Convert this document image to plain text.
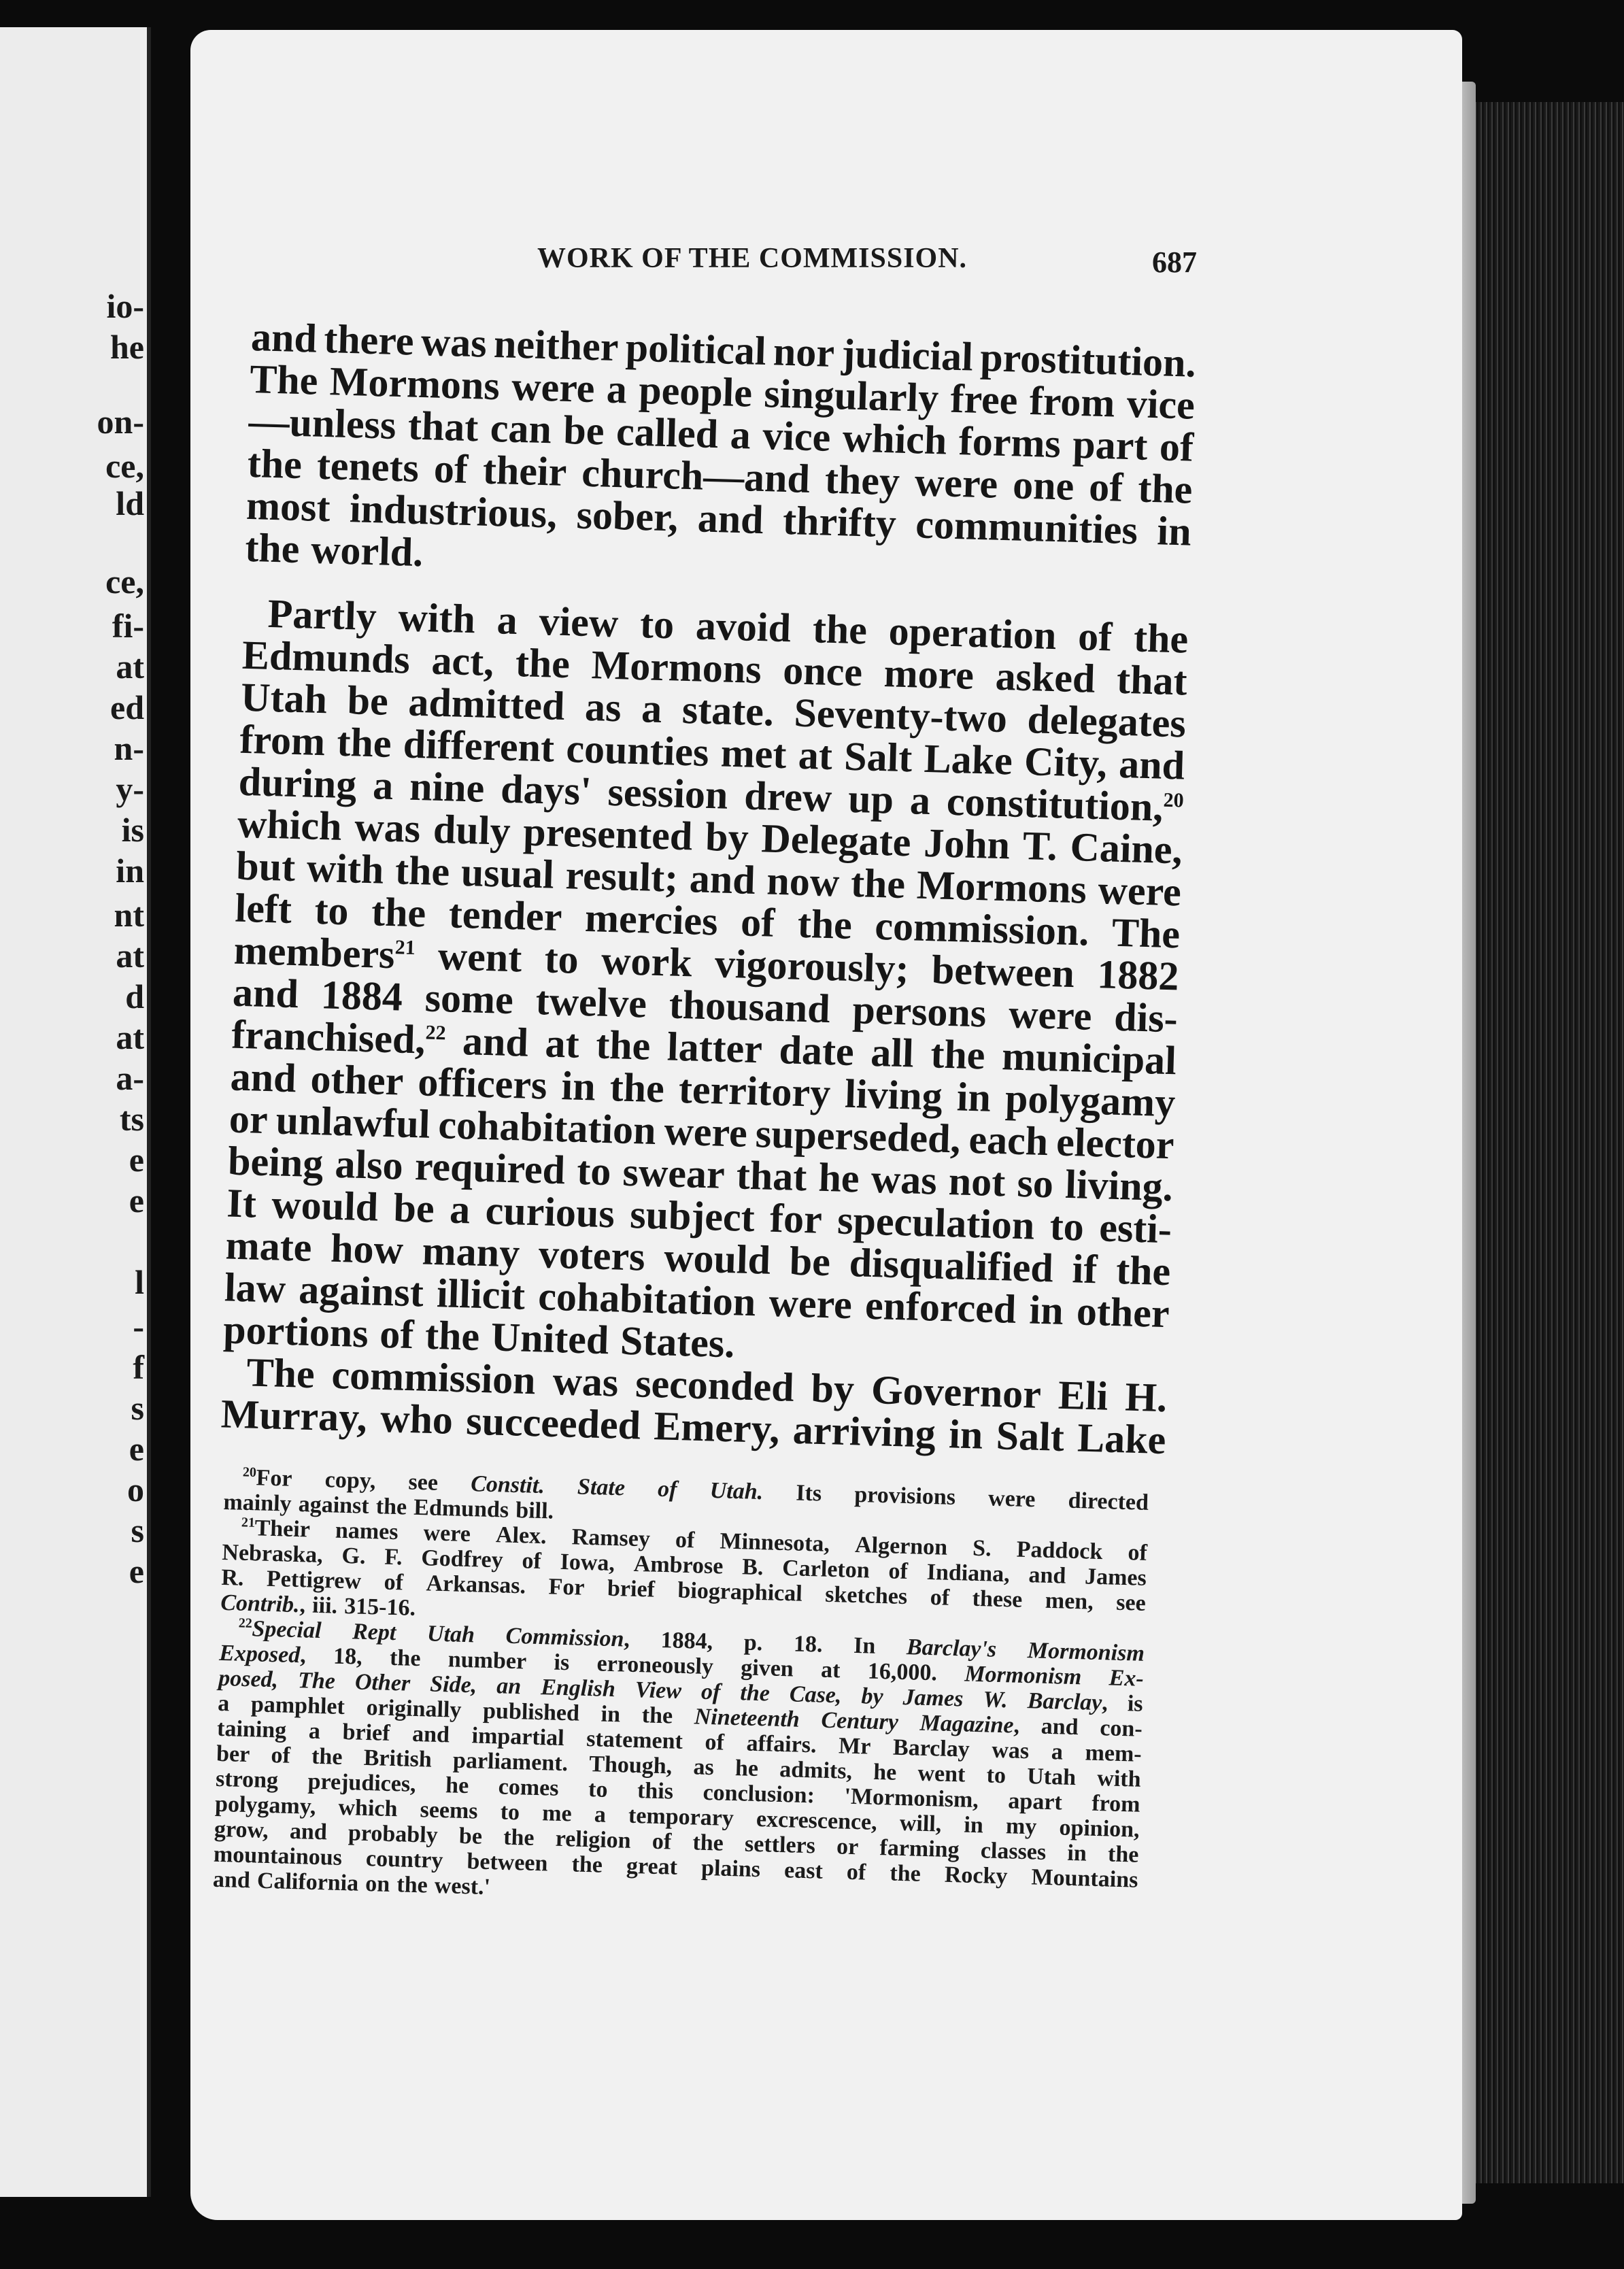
io-
he
on-
ce,
ld
ce,
fi-
at
ed
n-
y-
is
in
nt
at
d
at
a-
ts
e
e
l
-
f
s
e
o
s
e
WORK OF THE COMMISSION.	687
and there was neither political nor judicial prostitution.
The Mormons were a people singularly free from vice
—unless that can be called a vice which forms part of
the tenets of their church—and they were one of the
most industrious, sober, and thrifty communities in
the world.
Partly with a view to avoid the operation of the
Edmunds act, the Mormons once more asked that
Utah be admitted as a state. Seventy-two delegates
from the different counties met at Salt Lake City, and
during a nine days' session drew up a constitution,$^{20}$
which was duly presented by Delegate John T. Caine,
but with the usual result; and now the Mormons were
left to the tender mercies of the commission. The
members$^{21}$ went to work vigorously; between 1882
and 1884 some twelve thousand persons were dis-
franchised,$^{22}$ and at the latter date all the municipal
and other officers in the territory living in polygamy
or unlawful cohabitation were superseded, each elector
being also required to swear that he was not so living.
It would be a curious subject for speculation to esti-
mate how many voters would be disqualified if the
law against illicit cohabitation were enforced in other
portions of the United States.
The commission was seconded by Governor Eli H.
Murray, who succeeded Emery, arriving in Salt Lake
$^{20}$For copy, see Constit. State of Utah. Its provisions were directed
mainly against the Edmunds bill.
$^{21}$Their names were Alex. Ramsey of Minnesota, Algernon S. Paddock of
Nebraska, G. F. Godfrey of Iowa, Ambrose B. Carleton of Indiana, and James
R. Pettigrew of Arkansas. For brief biographical sketches of these men, see
Contrib., iii. 315-16.
$^{22}$Special Rept Utah Commission, 1884, p. 18. In Barclay's Mormonism
Exposed, 18, the number is erroneously given at 16,000. Mormonism Ex-
posed, The Other Side, an English View of the Case, by James W. Barclay, is
a pamphlet originally published in the Nineteenth Century Magazine, and con-
taining a brief and impartial statement of affairs. Mr Barclay was a mem-
ber of the British parliament. Though, as he admits, he went to Utah with
strong prejudices, he comes to this conclusion: 'Mormonism, apart from
polygamy, which seems to me a temporary excrescence, will, in my opinion,
grow, and probably be the religion of the settlers or farming classes in the
mountainous country between the great plains east of the Rocky Mountains
and California on the west.'
